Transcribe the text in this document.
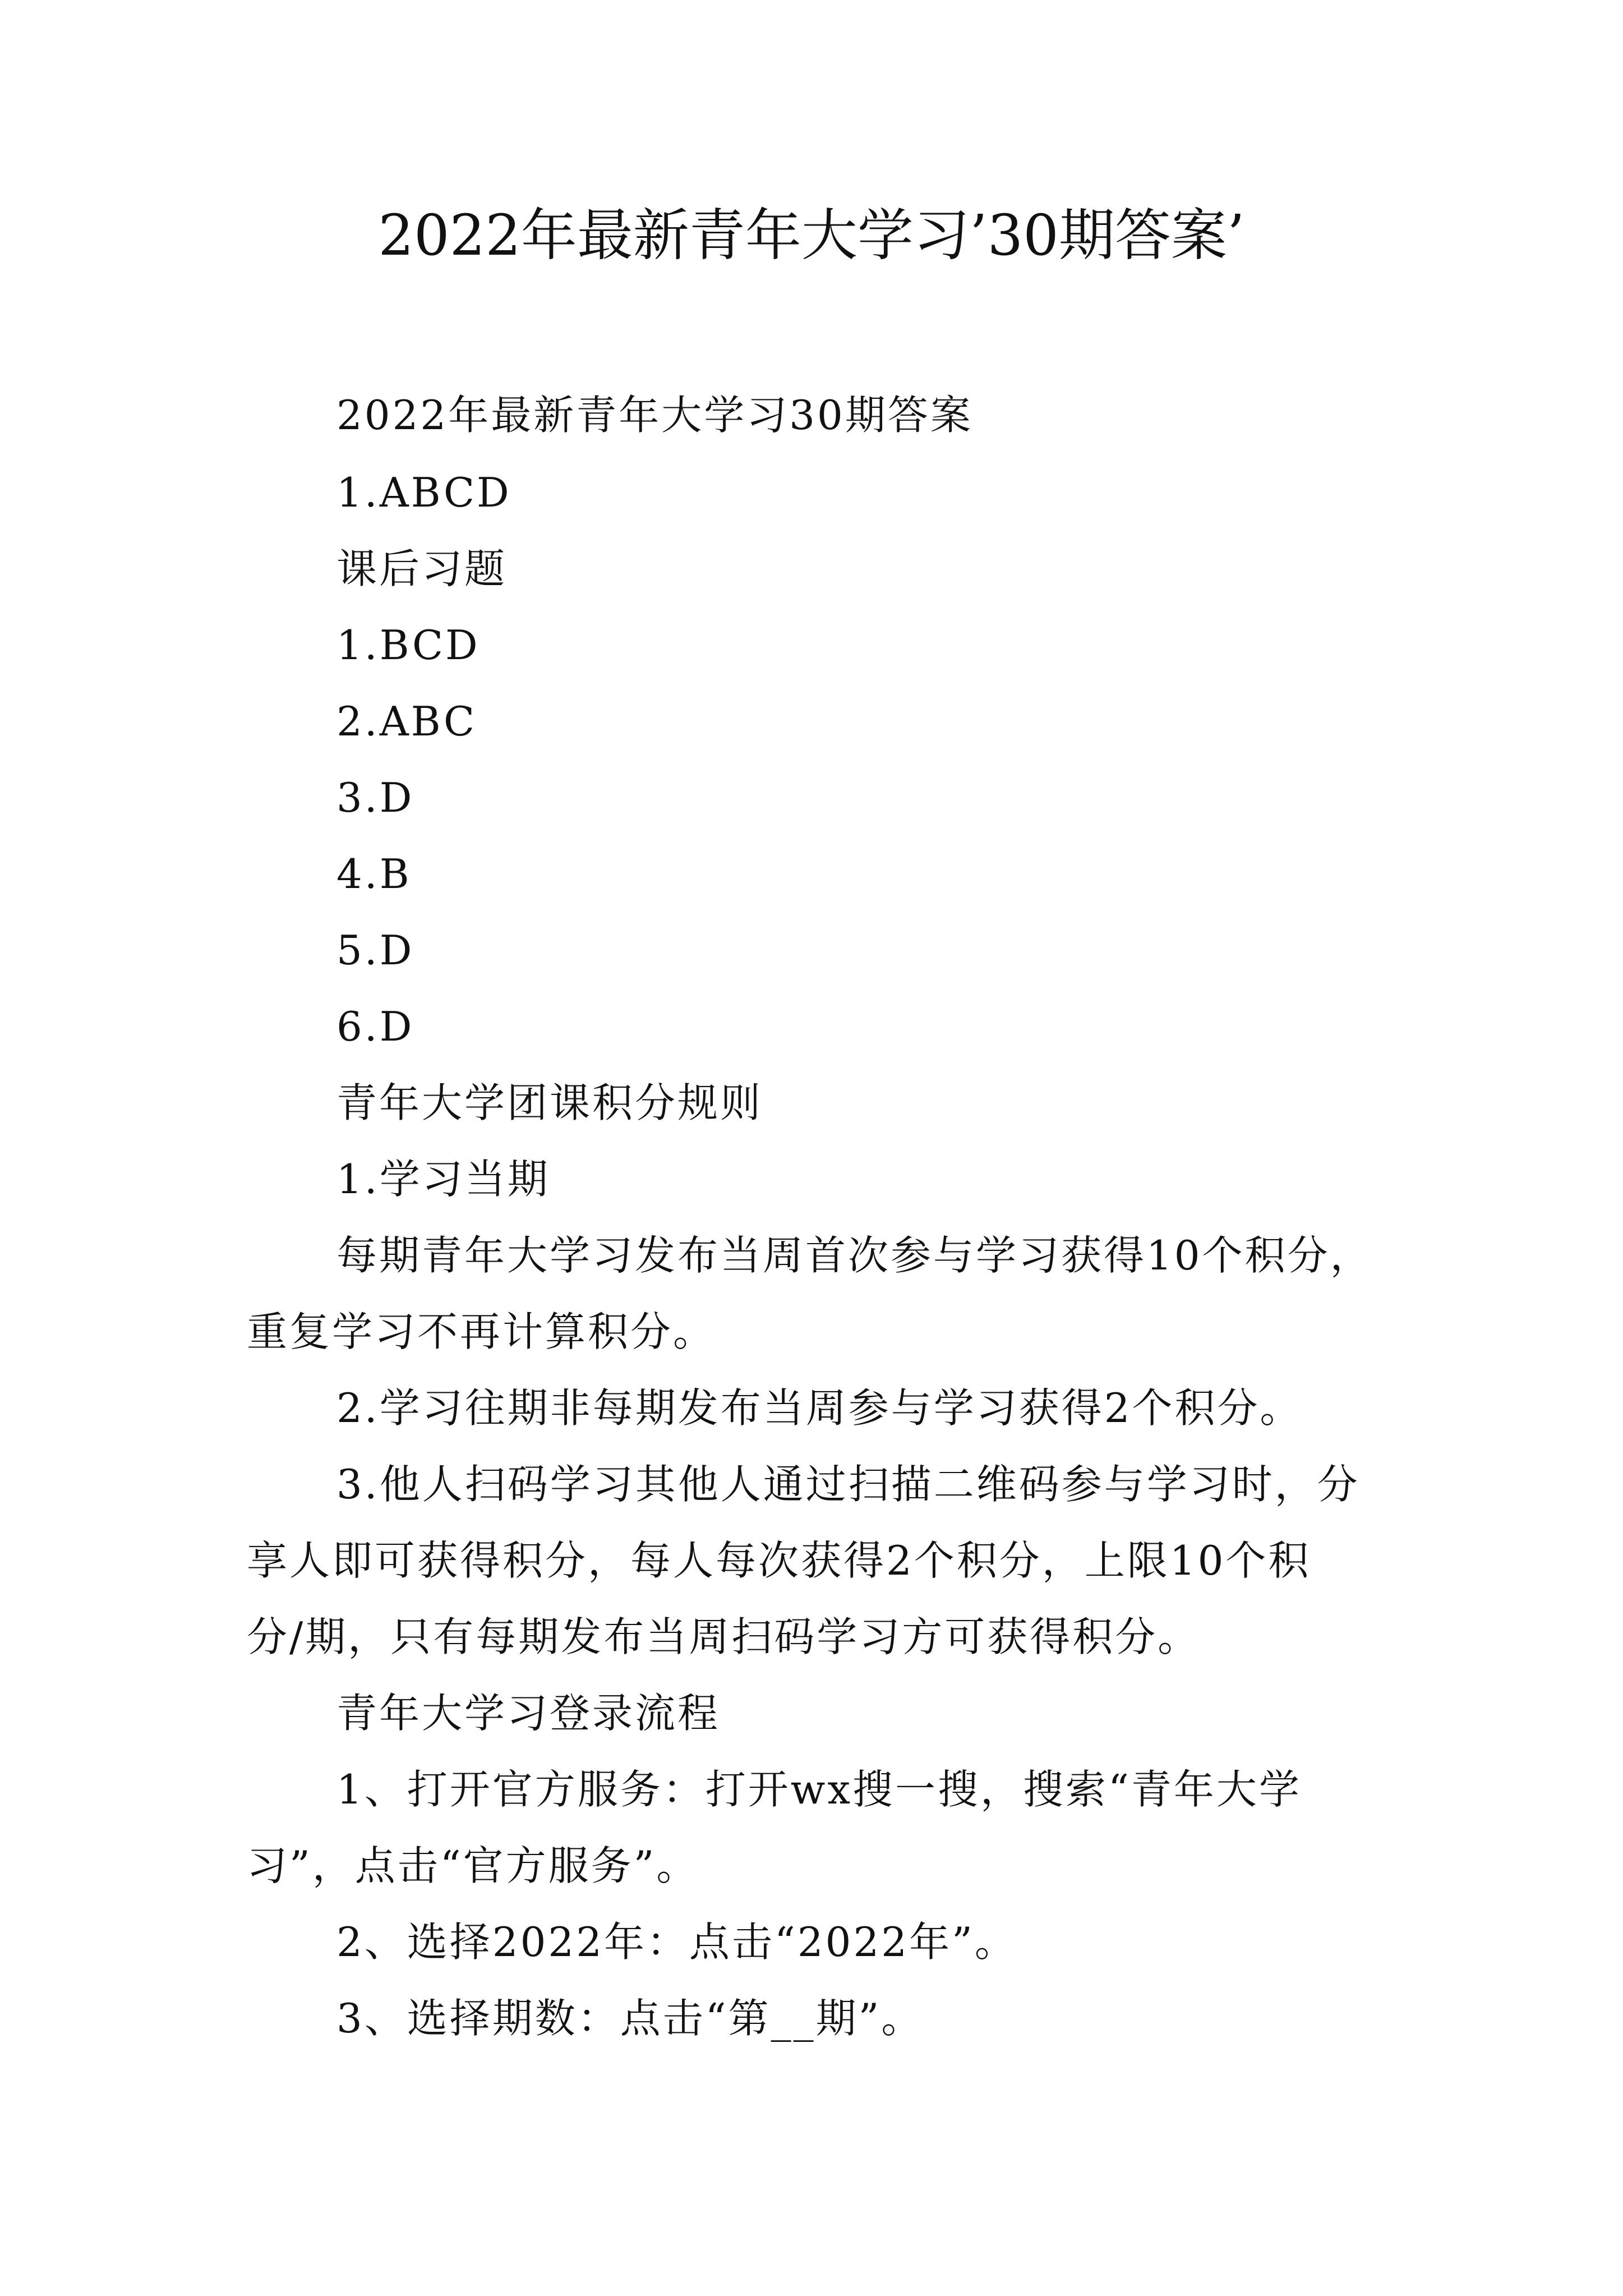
2022年最新青年大学习’30期答案’
2022年最新青年大学习30期答案
1.ABCD
课后习题
1.BCD
2.ABC
3.D
4.B
5.D
6.D
青年大学团课积分规则
1.学习当期
每期青年大学习发布当周首次参与学习获得10个积分，
重复学习不再计算积分。
2.学习往期非每期发布当周参与学习获得2个积分。
3.他人扫码学习其他人通过扫描二维码参与学习时，分
享人即可获得积分，每人每次获得2个积分，上限10个积
分/期，只有每期发布当周扫码学习方可获得积分。
青年大学习登录流程
1、打开官方服务：打开wx搜一搜，搜索“青年大学
习”，点击“官方服务”。
2、选择2022年：点击“2022年”。
3、选择期数：点击“第__期”。
